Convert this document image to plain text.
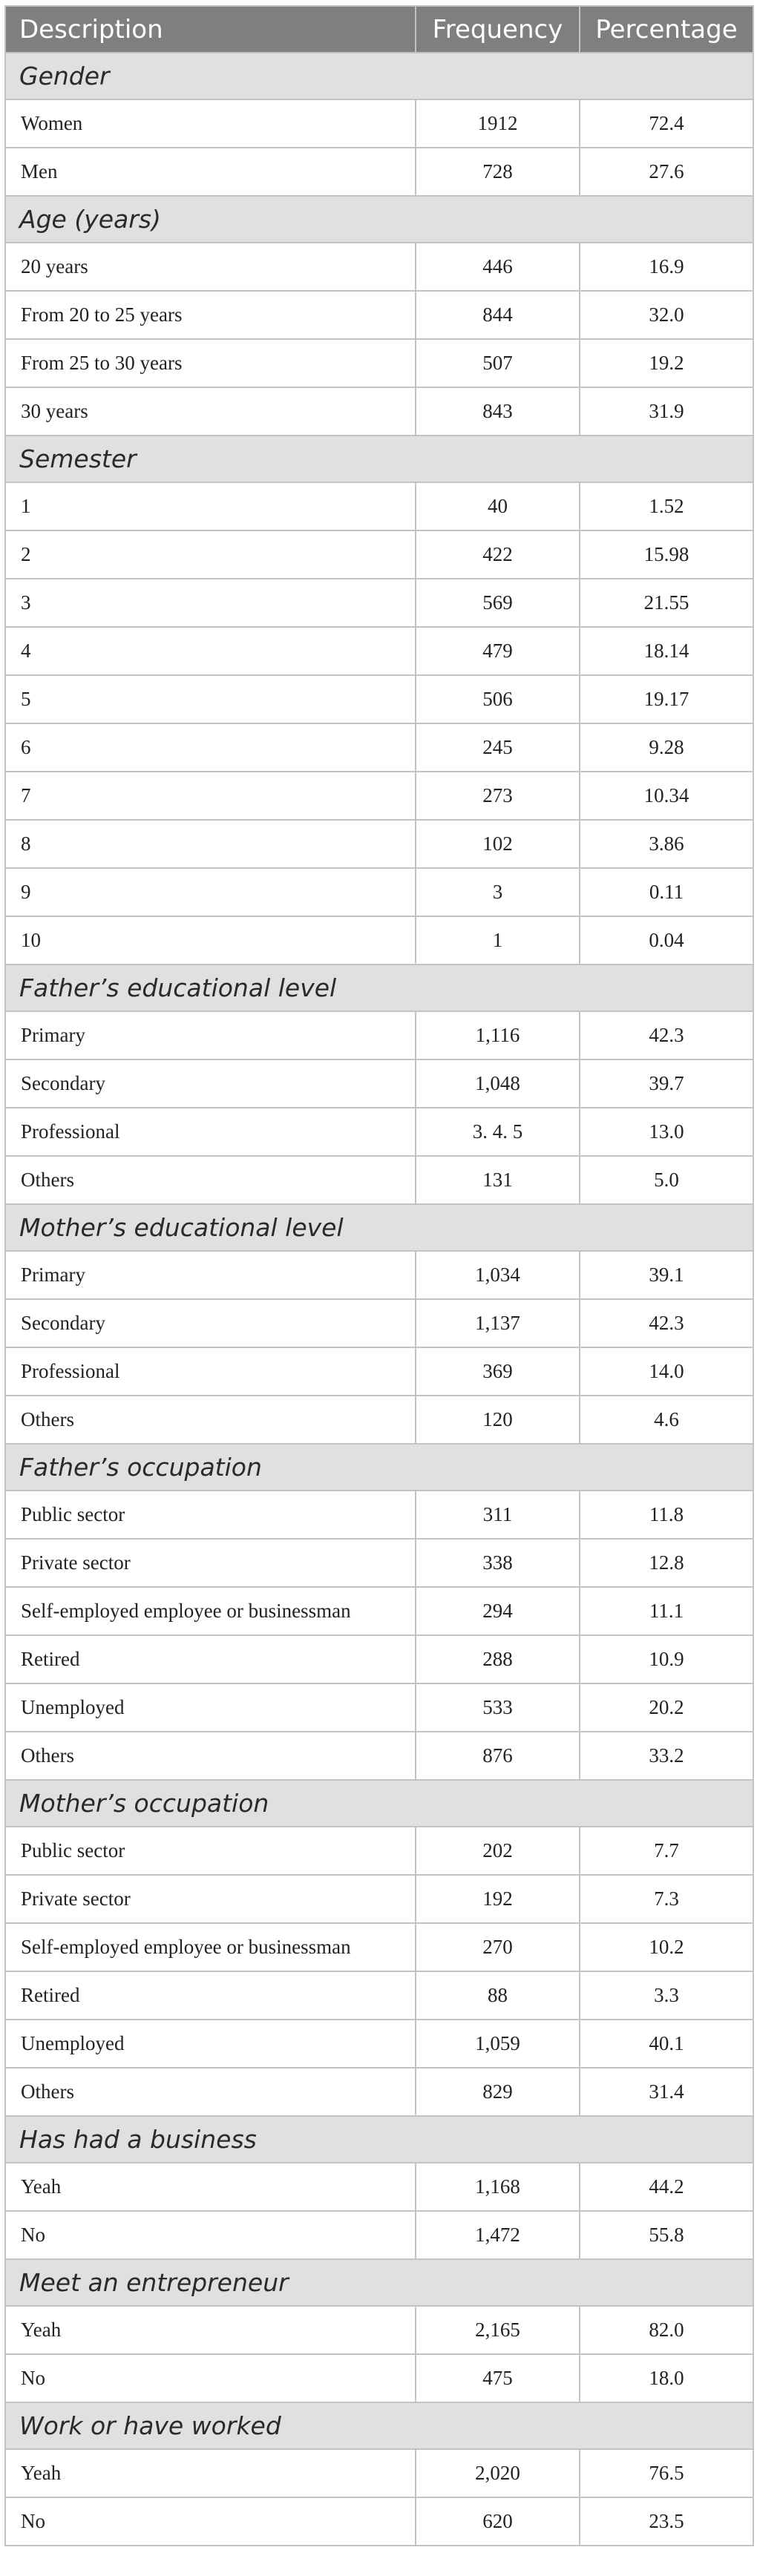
Description	Frequency	Percentage
Gender		
Women	1912	72.4
Men	728	27.6
Age (years)		
20 years	446	16.9
From 20 to 25 years	844	32.0
From 25 to 30 years	507	19.2
30 years	843	31.9
Semester		
1	40	1.52
2	422	15.98
3	569	21.55
4	479	18.14
5	506	19.17
6	245	9.28
7	273	10.34
8	102	3.86
9	3	0.11
10	1	0.04
Father’s educational level		
Primary	1,116	42.3
Secondary	1,048	39.7
Professional	3. 4. 5	13.0
Others	131	5.0
Mother’s educational level		
Primary	1,034	39.1
Secondary	1,137	42.3
Professional	369	14.0
Others	120	4.6
Father’s occupation		
Public sector	311	11.8
Private sector	338	12.8
Self-employed employee or businessman	294	11.1
Retired	288	10.9
Unemployed	533	20.2
Others	876	33.2
Mother’s occupation		
Public sector	202	7.7
Private sector	192	7.3
Self-employed employee or businessman	270	10.2
Retired	88	3.3
Unemployed	1,059	40.1
Others	829	31.4
Has had a business		
Yeah	1,168	44.2
No	1,472	55.8
Meet an entrepreneur		
Yeah	2,165	82.0
No	475	18.0
Work or have worked		
Yeah	2,020	76.5
No	620	23.5
